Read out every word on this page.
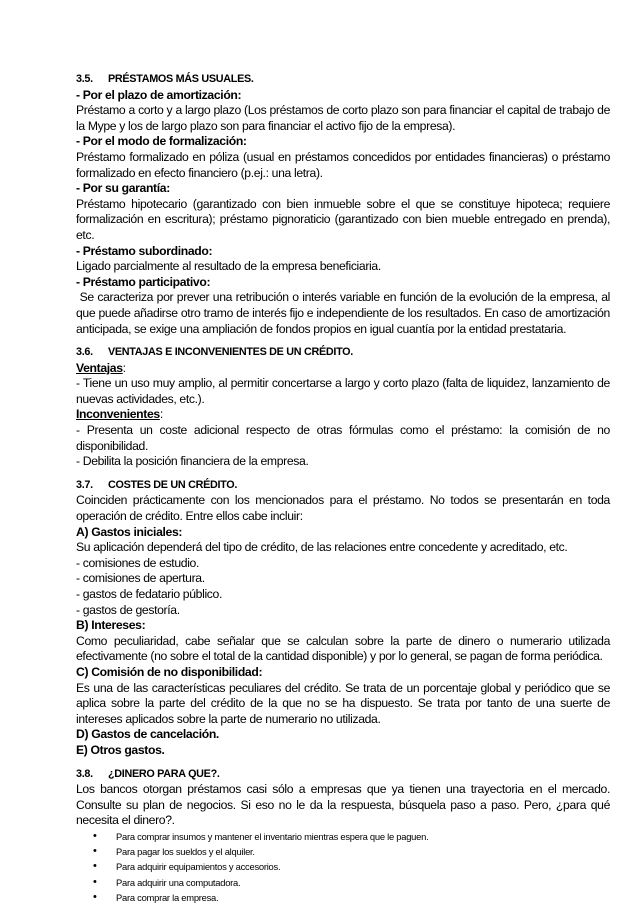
3.5. PRÉSTAMOS MÁS USUALES.

- Por el plazo de amortización:

Préstamo a corto y a largo plazo (Los préstamos de corto plazo son para financiar el capital de trabajo de la Mype y los de largo plazo son para financiar el activo fijo de la empresa).

- Por el modo de formalización:

Préstamo formalizado en póliza (usual en préstamos concedidos por entidades financieras) o préstamo formalizado en efecto financiero (p.ej.: una letra).

- Por su garantía:

Préstamo hipotecario (garantizado con bien inmueble sobre el que se constituye hipoteca; requiere formalización en escritura); préstamo pignoraticio (garantizado con bien mueble entregado en prenda), etc.

- Préstamo subordinado:

Ligado parcialmente al resultado de la empresa beneficiaria.

- Préstamo participativo:

Se caracteriza por prever una retribución o interés variable en función de la evolución de la empresa, al que puede añadirse otro tramo de interés fijo e independiente de los resultados. En caso de amortización anticipada, se exige una ampliación de fondos propios en igual cuantía por la entidad prestataria.

3.6. VENTAJAS E INCONVENIENTES DE UN CRÉDITO.

Ventajas:

- Tiene un uso muy amplio, al permitir concertarse a largo y corto plazo (falta de liquidez, lanzamiento de nuevas actividades, etc.).

Inconvenientes:

- Presenta un coste adicional respecto de otras fórmulas como el préstamo: la comisión de no disponibilidad.

- Debilita la posición financiera de la empresa.

3.7. COSTES DE UN CRÉDITO.

Coinciden prácticamente con los mencionados para el préstamo. No todos se presentarán en toda operación de crédito. Entre ellos cabe incluir:

A) Gastos iniciales:

Su aplicación dependerá del tipo de crédito, de las relaciones entre concedente y acreditado, etc.

- comisiones de estudio.

- comisiones de apertura.

- gastos de fedatario público.

- gastos de gestoría.

B) Intereses:

Como peculiaridad, cabe señalar que se calculan sobre la parte de dinero o numerario utilizada efectivamente (no sobre el total de la cantidad disponible) y por lo general, se pagan de forma periódica.

C) Comisión de no disponibilidad:

Es una de las características peculiares del crédito. Se trata de un porcentaje global y periódico que se aplica sobre la parte del crédito de la que no se ha dispuesto. Se trata por tanto de una suerte de intereses aplicados sobre la parte de numerario no utilizada.

D) Gastos de cancelación.

E) Otros gastos.

3.8. ¿DINERO PARA QUE?.

Los bancos otorgan préstamos casi sólo a empresas que ya tienen una trayectoria en el mercado. Consulte su plan de negocios. Si eso no le da la respuesta, búsquela paso a paso. Pero, ¿para qué necesita el dinero?.

• Para comprar insumos y mantener el inventario mientras espera que le paguen.
• Para pagar los sueldos y el alquiler.
• Para adquirir equipamientos y accesorios.
• Para adquirir una computadora.
• Para comprar la empresa.
